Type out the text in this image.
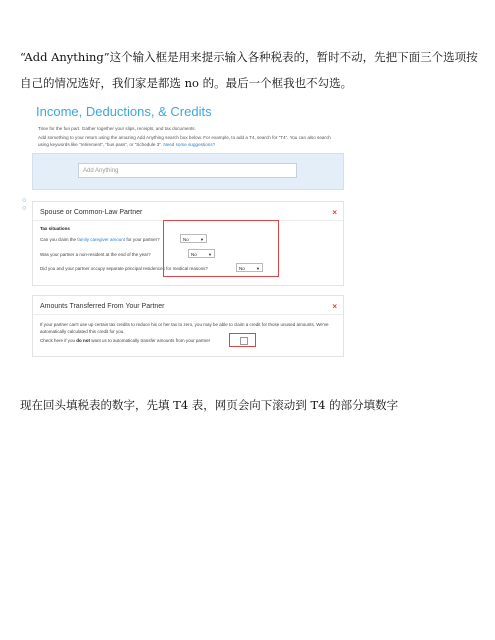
“Add Anything”这个输入框是用来提示输入各种税表的，暂时不动，先把下面三个选项按自己的情况选好，我们家是都选 no 的。最后一个框我也不勾选。
Income, Deductions, & Credits
Time for the fun part. Gather together your slips, receipts, and tax documents.
Add something to your return using the amazing Add Anything search box below. For example, to add a T4, search for “T4”. You can also search using keywords like “retirement”, “bus pass”, or “Schedule 3”. Need some suggestions?
Add Anything
○
○
Spouse or Common-Law Partner	×
Tax situations
Can you claim the family caregiver amount for your partner?	No	▼
Was your partner a non-resident at the end of the year?	No	▼
Did you and your partner occupy separate principal residences for medical reasons?	No	▼
Amounts Transferred From Your Partner	×
If your partner can't use up certain tax credits to reduce his or her tax to zero, you may be able to claim a credit for those unused amounts. We've automatically calculated this credit for you.
Check here if you do not want us to automatically transfer amounts from your partner
现在回头填税表的数字，先填 T4 表，网页会向下滚动到 T4 的部分填数字
